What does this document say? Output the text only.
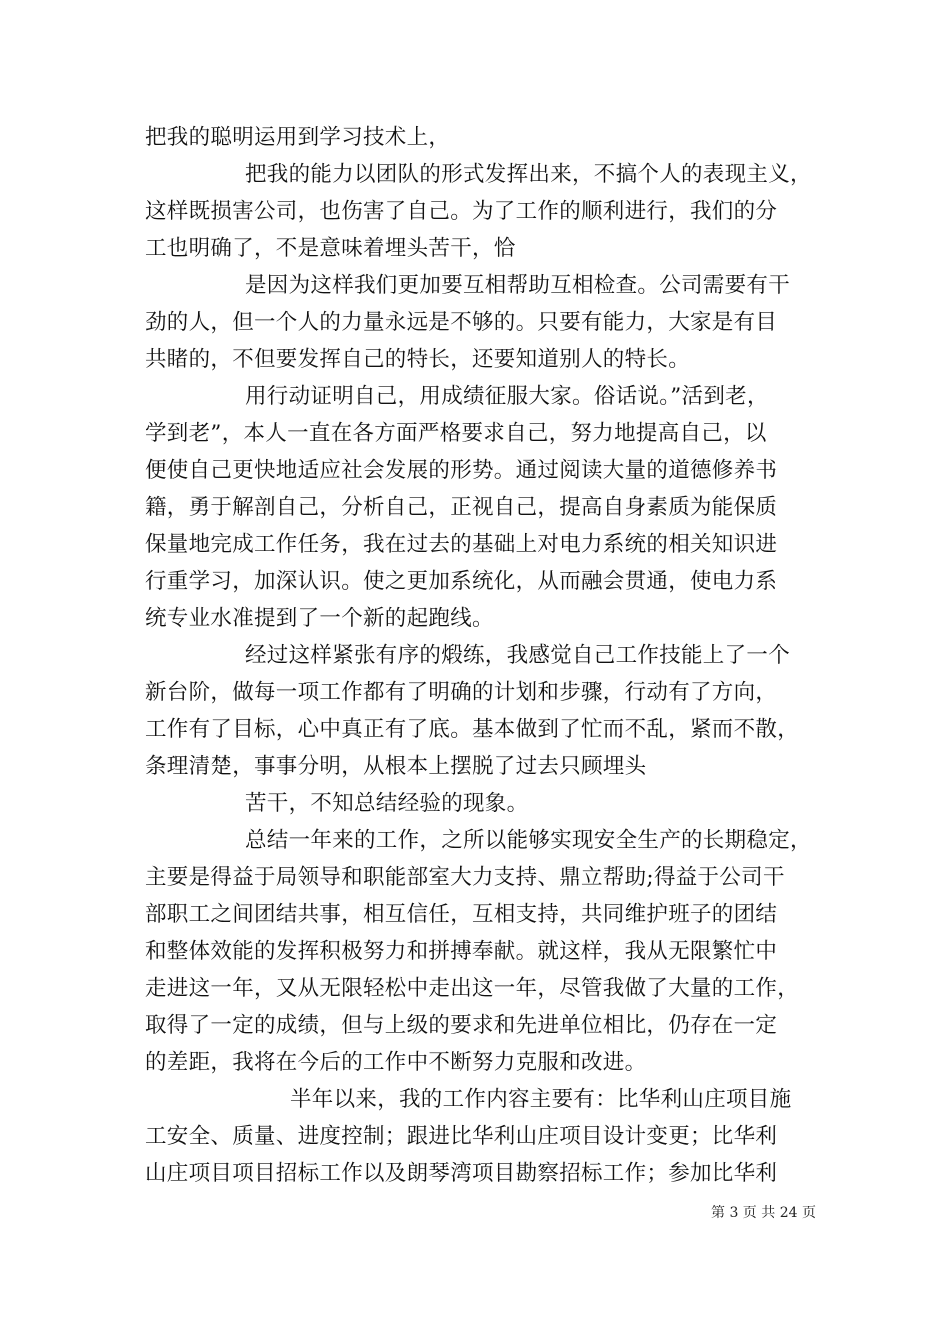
把我的聪明运用到学习技术上，
把我的能力以团队的形式发挥出来，不搞个人的表现主义，
这样既损害公司，也伤害了自己。为了工作的顺利进行，我们的分
工也明确了，不是意味着埋头苦干，恰
是因为这样我们更加要互相帮助互相检查。公司需要有干
劲的人，但一个人的力量永远是不够的。只要有能力，大家是有目
共睹的，不但要发挥自己的特长，还要知道别人的特长。
用行动证明自己，用成绩征服大家。俗话说。”活到老，
学到老”，本人一直在各方面严格要求自己，努力地提高自己，以
便使自己更快地适应社会发展的形势。通过阅读大量的道德修养书
籍，勇于解剖自己，分析自己，正视自己，提高自身素质为能保质
保量地完成工作任务，我在过去的基础上对电力系统的相关知识进
行重学习，加深认识。使之更加系统化，从而融会贯通，使电力系
统专业水准提到了一个新的起跑线。
经过这样紧张有序的煅练，我感觉自己工作技能上了一个
新台阶，做每一项工作都有了明确的计划和步骤，行动有了方向，
工作有了目标，心中真正有了底。基本做到了忙而不乱，紧而不散，
条理清楚，事事分明，从根本上摆脱了过去只顾埋头
苦干，不知总结经验的现象。
总结一年来的工作，之所以能够实现安全生产的长期稳定，
主要是得益于局领导和职能部室大力支持、鼎立帮助;得益于公司干
部职工之间团结共事，相互信任，互相支持，共同维护班子的团结
和整体效能的发挥积极努力和拼搏奉献。就这样，我从无限繁忙中
走进这一年，又从无限轻松中走出这一年，尽管我做了大量的工作，
取得了一定的成绩，但与上级的要求和先进单位相比，仍存在一定
的差距，我将在今后的工作中不断努力克服和改进。
半年以来，我的工作内容主要有：比华利山庄项目施
工安全、质量、进度控制；跟进比华利山庄项目设计变更；比华利
山庄项目项目招标工作以及朗琴湾项目勘察招标工作；参加比华利
第 3 页 共 24 页
